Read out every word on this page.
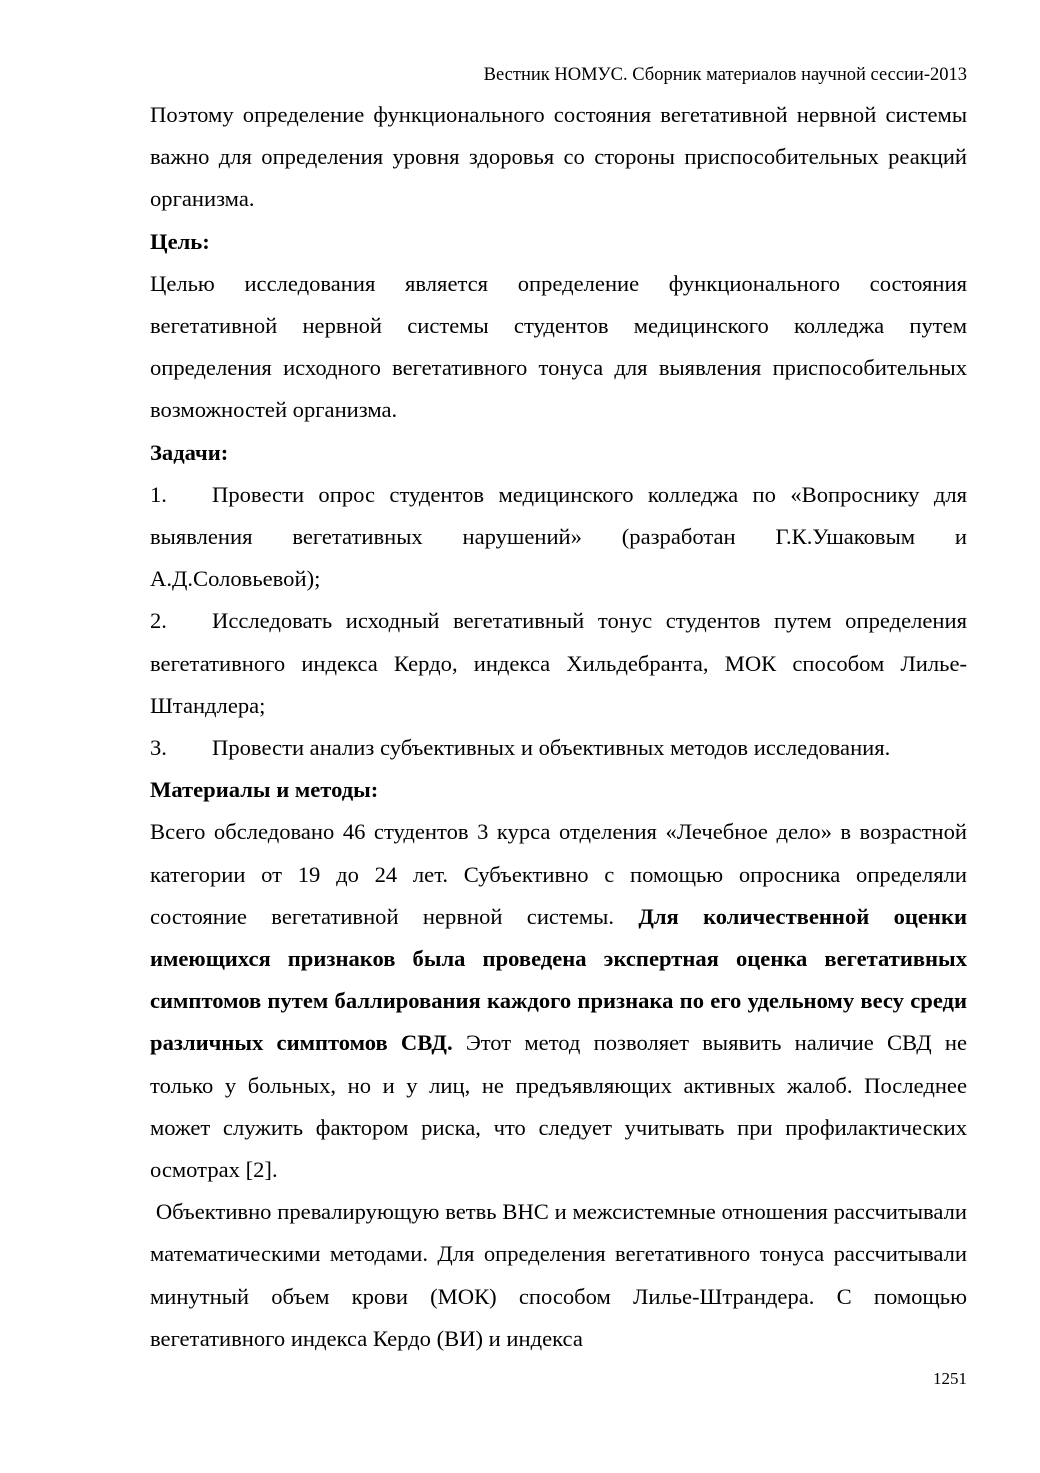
Вестник НОМУС. Сборник материалов научной сессии-2013

Поэтому определение функционального состояния вегетативной нервной системы важно для определения уровня здоровья со стороны приспособительных реакций организма.

Цель:

Целью исследования является определение функционального состояния вегетативной нервной системы студентов медицинского колледжа путем определения исходного вегетативного тонуса для выявления приспособительных возможностей организма.

Задачи:

1. Провести опрос студентов медицинского колледжа по «Вопроснику для выявления вегетативных нарушений» (разработан Г.К.Ушаковым и А.Д.Соловьевой);

2. Исследовать исходный вегетативный тонус студентов путем определения вегетативного индекса Кердо, индекса Хильдебранта, МОК способом Лилье-Штандлера;

3. Провести анализ субъективных и объективных методов исследования.

Материалы и методы:

Всего обследовано 46 студентов 3 курса отделения «Лечебное дело» в возрастной категории от 19 до 24 лет. Субъективно с помощью опросника определяли состояние вегетативной нервной системы. Для количественной оценки имеющихся признаков была проведена экспертная оценка вегетативных симптомов путем баллирования каждого признака по его удельному весу среди различных симптомов СВД. Этот метод позволяет выявить наличие СВД не только у больных, но и у лиц, не предъявляющих активных жалоб. Последнее может служить фактором риска, что следует учитывать при профилактических осмотрах [2].

Объективно превалирующую ветвь ВНС и межсистемные отношения рассчитывали математическими методами. Для определения вегетативного тонуса рассчитывали минутный объем крови (МОК) способом Лилье-Штрандера. С помощью вегетативного индекса Кердо (ВИ) и индекса

1251
